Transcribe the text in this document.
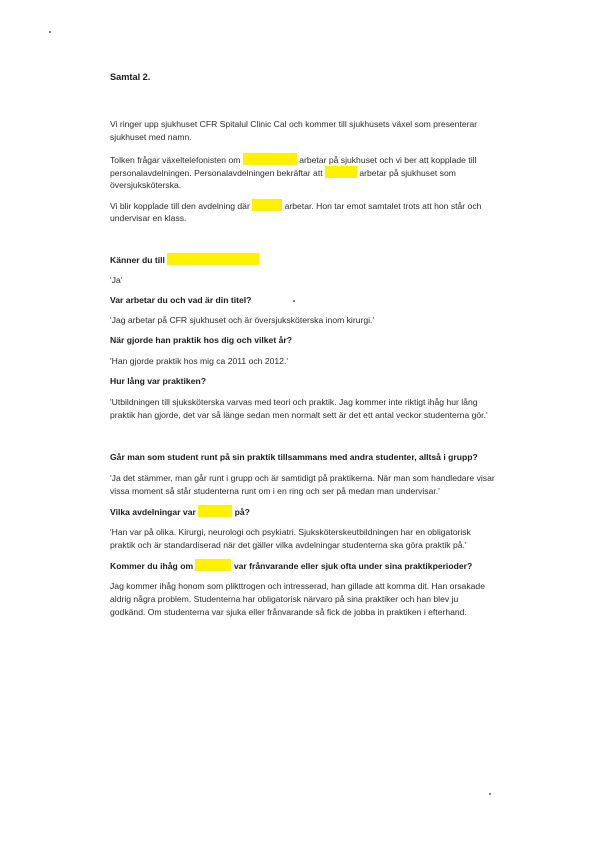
Samtal 2.
Vi ringer upp sjukhuset CFR Spitalul Clinic Cal och kommer till sjukhusets växel som presenterar
sjukhuset med namn.
Tolken frågar växeltelefonisten om	arbetar på sjukhuset och vi ber att kopplade till
personalavdelningen. Personalavdelningen bekräftar att	arbetar på sjukhuset som
översjuksköterska.
Vi blir kopplade till den avdelning där	arbetar. Hon tar emot samtalet trots att hon står och
undervisar en klass.
Känner du till
'Ja'
Var arbetar du och vad är din titel?
'Jag arbetar på CFR sjukhuset och är översjuksköterska inom kirurgi.'
När gjorde han praktik hos dig och vilket år?
'Han gjorde praktik hos mig ca 2011 och 2012.'
Hur lång var praktiken?
'Utbildningen till sjuksköterska varvas med teori och praktik. Jag kommer inte riktigt ihåg hur lång
praktik han gjorde, det var så länge sedan men normalt sett är det ett antal veckor studenterna gör.'
Går man som student runt på sin praktik tillsammans med andra studenter, alltså i grupp?
'Ja det stämmer, man går runt i grupp och är samtidigt på praktikerna. När man som handledare visar
vissa moment så står studenterna runt om i en ring och ser på medan man undervisar.'
Vilka avdelningar var	på?
'Han var på olika. Kirurgi, neurologi och psykiatri. Sjuksköterskeutbildningen har en obligatorisk
praktik och är standardiserad när det gäller vilka avdelningar studenterna ska göra praktik på.'
Kommer du ihåg om	var frånvarande eller sjuk ofta under sina praktikperioder?
Jag kommer ihåg honom som plikttrogen och intresserad, han gillade att komma dit. Han orsakade
aldrig några problem. Studenterna har obligatorisk närvaro på sina praktiker och han blev ju
godkänd. Om studenterna var sjuka eller frånvarande så fick de jobba in praktiken i efterhand.
